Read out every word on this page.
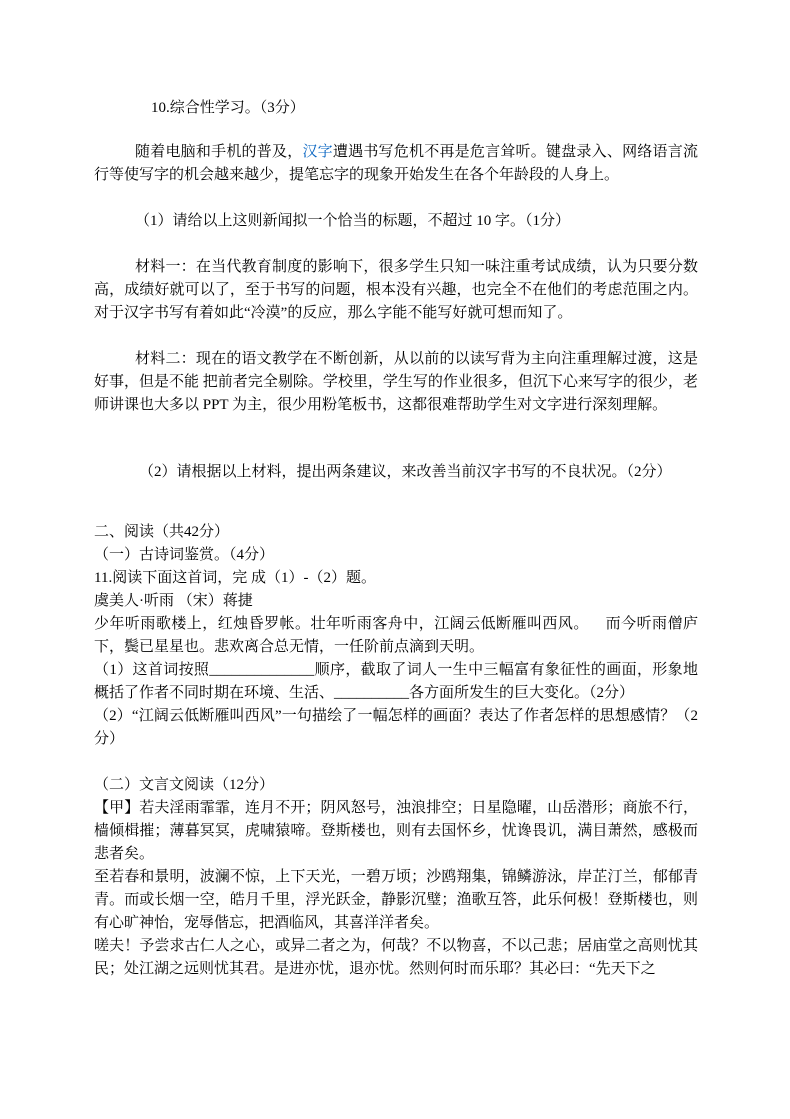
10.综合性学习。（3分）

随着电脑和手机的普及，汉字遭遇书写危机不再是危言耸听。键盘录入、网络语言流行等使写字的机会越来越少，提笔忘字的现象开始发生在各个年龄段的人身上。

（1）请给以上这则新闻拟一个恰当的标题，不超过 10 字。（1分）

材料一：在当代教育制度的影响下，很多学生只知一味注重考试成绩，认为只要分数高，成绩好就可以了，至于书写的问题，根本没有兴趣，也完全不在他们的考虑范围之内。对于汉字书写有着如此“冷漠”的反应，那么字能不能写好就可想而知了。

材料二：现在的语文教学在不断创新，从以前的以读写背为主向注重理解过渡，这是好事，但是不能 把前者完全剔除。学校里，学生写的作业很多，但沉下心来写字的很少，老师讲课也大多以 PPT 为主，很少用粉笔板书，这都很难帮助学生对文字进行深刻理解。

（2）请根据以上材料，提出两条建议，来改善当前汉字书写的不良状况。（2分）

二、阅读（共42分）

（一）古诗词鉴赏。（4分）

11.阅读下面这首词，完 成（1）-（2）题。

虞美人·听雨 （宋）蒋捷

少年听雨歌楼上，红烛昏罗帐。壮年听雨客舟中，江阔云低断雁叫西风。    而今听雨僧庐下，鬓已星星也。悲欢离合总无情，一任阶前点滴到天明。

（1）这首词按照______________顺序，截取了词人一生中三幅富有象征性的画面，形象地概括了作者不同时期在环境、生活、__________各方面所发生的巨大变化。（2分）

（2）“江阔云低断雁叫西风”一句描绘了一幅怎样的画面？表达了作者怎样的思想感情？（2分）

（二）文言文阅读（12分）

【甲】若夫淫雨霏霏，连月不开；阴风怒号，浊浪排空；日星隐曜，山岳潜形；商旅不行，樯倾楫摧；薄暮冥冥，虎啸猿啼。登斯楼也，则有去国怀乡，忧谗畏讥，满目萧然，感极而悲者矣。

至若春和景明，波澜不惊，上下天光，一碧万顷；沙鸥翔集，锦鳞游泳，岸芷汀兰，郁郁青青。而或长烟一空，皓月千里，浮光跃金，静影沉璧；渔歌互答，此乐何极！登斯楼也，则有心旷神怡，宠辱偕忘，把酒临风，其喜洋洋者矣。

嗟夫！予尝求古仁人之心，或异二者之为，何哉？不以物喜，不以己悲；居庙堂之高则忧其民；处江湖之远则忧其君。是进亦忧，退亦忧。然则何时而乐耶？其必曰：“先天下之
